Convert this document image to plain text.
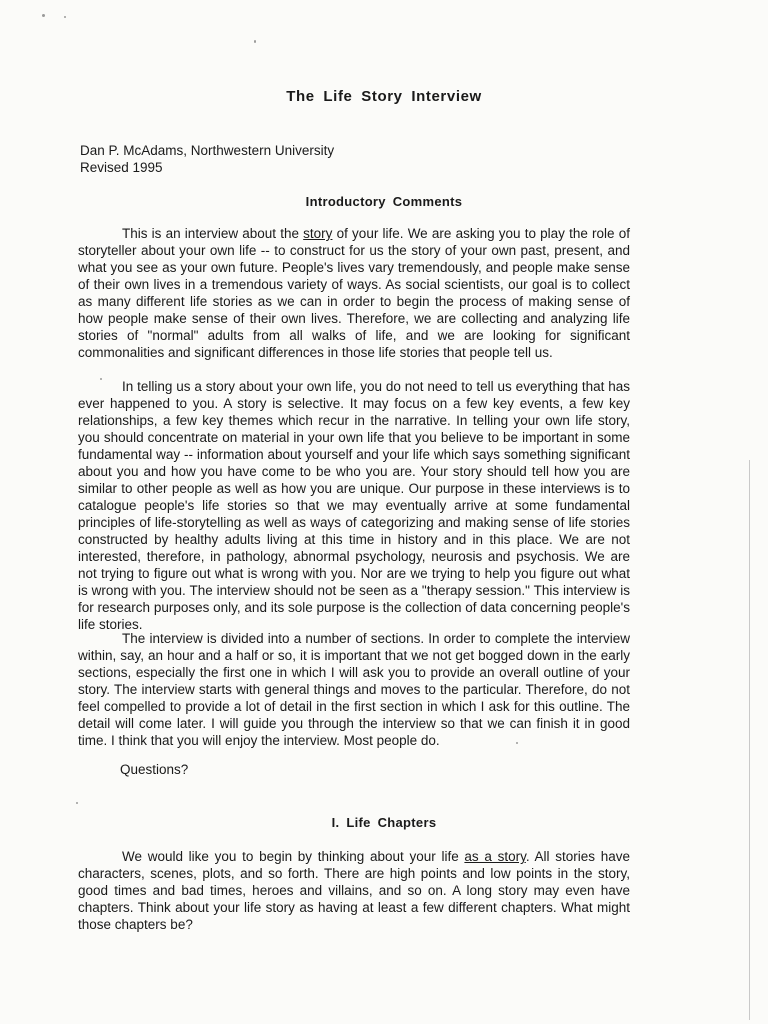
The Life Story Interview
Dan P. McAdams, Northwestern University
Revised 1995
Introductory Comments

This is an interview about the story of your life. We are asking you to play the role of storyteller about your own life -- to construct for us the story of your own past, present, and what you see as your own future. People's lives vary tremendously, and people make sense of their own lives in a tremendous variety of ways. As social scientists, our goal is to collect as many different life stories as we can in order to begin the process of making sense of how people make sense of their own lives. Therefore, we are collecting and analyzing life stories of "normal" adults from all walks of life, and we are looking for significant commonalities and significant differences in those life stories that people tell us.

In telling us a story about your own life, you do not need to tell us everything that has ever happened to you. A story is selective. It may focus on a few key events, a few key relationships, a few key themes which recur in the narrative. In telling your own life story, you should concentrate on material in your own life that you believe to be important in some fundamental way -- information about yourself and your life which says something significant about you and how you have come to be who you are. Your story should tell how you are similar to other people as well as how you are unique. Our purpose in these interviews is to catalogue people's life stories so that we may eventually arrive at some fundamental principles of life-storytelling as well as ways of categorizing and making sense of life stories constructed by healthy adults living at this time in history and in this place. We are not interested, therefore, in pathology, abnormal psychology, neurosis and psychosis. We are not trying to figure out what is wrong with you. Nor are we trying to help you figure out what is wrong with you. The interview should not be seen as a "therapy session." This interview is for research purposes only, and its sole purpose is the collection of data concerning people's life stories.

The interview is divided into a number of sections. In order to complete the interview within, say, an hour and a half or so, it is important that we not get bogged down in the early sections, especially the first one in which I will ask you to provide an overall outline of your story. The interview starts with general things and moves to the particular. Therefore, do not feel compelled to provide a lot of detail in the first section in which I ask for this outline. The detail will come later. I will guide you through the interview so that we can finish it in good time. I think that you will enjoy the interview. Most people do.

Questions?
I. Life Chapters

We would like you to begin by thinking about your life as a story. All stories have characters, scenes, plots, and so forth. There are high points and low points in the story, good times and bad times, heroes and villains, and so on. A long story may even have chapters. Think about your life story as having at least a few different chapters. What might those chapters be?
